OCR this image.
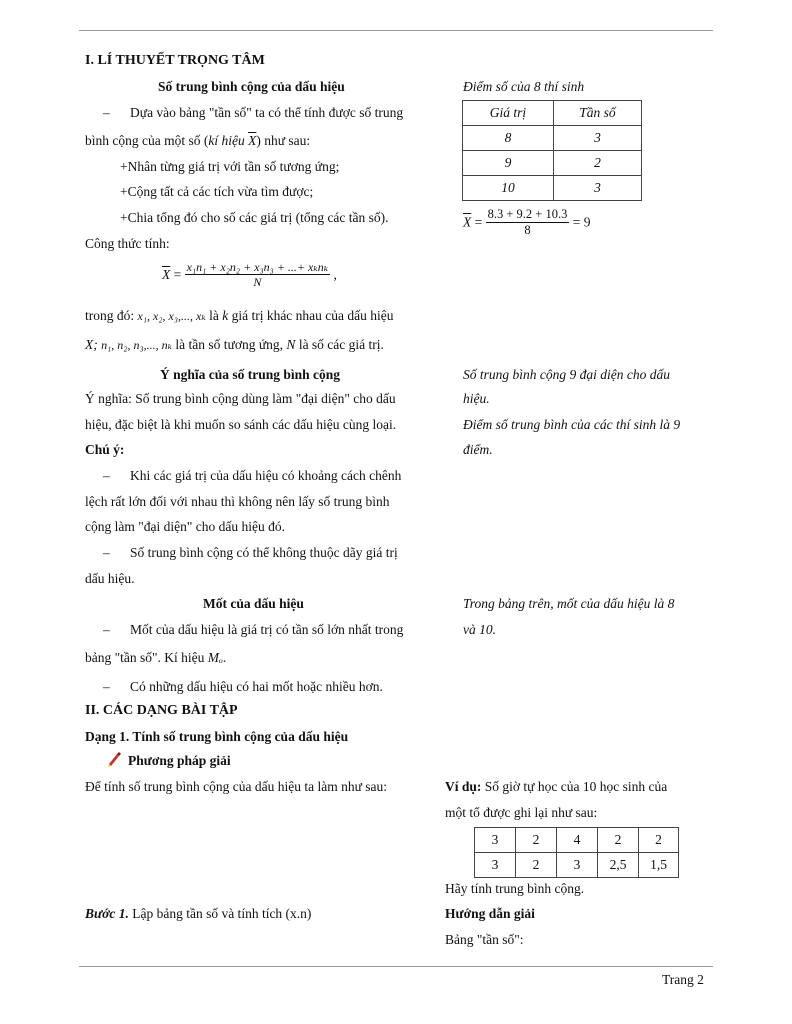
I. LÍ THUYẾT TRỌNG TÂM
Số trung bình cộng của dấu hiệu
– Dựa vào bảng "tần số" ta có thể tính được số trung
bình cộng của một số (kí hiệu $\overline{X}$) như sau:
+Nhân từng giá trị với tần số tương ứng;
+Cộng tất cả các tích vừa tìm được;
+Chia tổng đó cho số các giá trị (tổng các tần số).
Công thức tính:
$\overline{X} = \frac{\text{x₁n₁ + x₂n₂ + x₃n₃ + ...+ xₖnₖ}}{N}$ ,
trong đó: x₁, x₂, x₃,..., xₖ là k giá trị khác nhau của dấu hiệu
X; n₁, n₂, n₃,..., nₖ là tần số tương ứng, N là số các giá trị.
Ý nghĩa của số trung bình cộng
Ý nghĩa: Số trung bình cộng dùng làm "đại diện" cho dấu
hiệu, đặc biệt là khi muốn so sánh các dấu hiệu cùng loại.
Chú ý:
– Khi các giá trị của dấu hiệu có khoảng cách chênh
lệch rất lớn đối với nhau thì không nên lấy số trung bình
cộng làm "đại diện" cho dấu hiệu đó.
– Số trung bình cộng có thể không thuộc dãy giá trị
dấu hiệu.
Mốt của dấu hiệu
– Mốt của dấu hiệu là giá trị có tần số lớn nhất trong
bảng "tần số". Kí hiệu Mₒ.
– Có những dấu hiệu có hai mốt hoặc nhiều hơn.
Điểm số của 8 thí sinh
Giá trị	Tần số
8	3
9	2
10	3
$\overline{X} = \frac{8.3 + 9.2 + 10.3}{8} = 9$
Số trung bình cộng 9 đại diện cho dấu
hiệu.
Điểm số trung bình của các thí sinh là 9
điểm.
Trong bảng trên, mốt của dấu hiệu là 8
và 10.
II. CÁC DẠNG BÀI TẬP
Dạng 1. Tính số trung bình cộng của dấu hiệu
Phương pháp giải
Để tính số trung bình cộng của dấu hiệu ta làm như sau:	Ví dụ: Số giờ tự học của 10 học sinh của
một tổ được ghi lại như sau:
3	2	4	2	2
3	2	3	2,5	1,5
Hãy tính trung bình cộng.
Bước 1. Lập bảng tần số và tính tích (x.n)	Hướng dẫn giải
Bảng "tần số":
Trang 2
